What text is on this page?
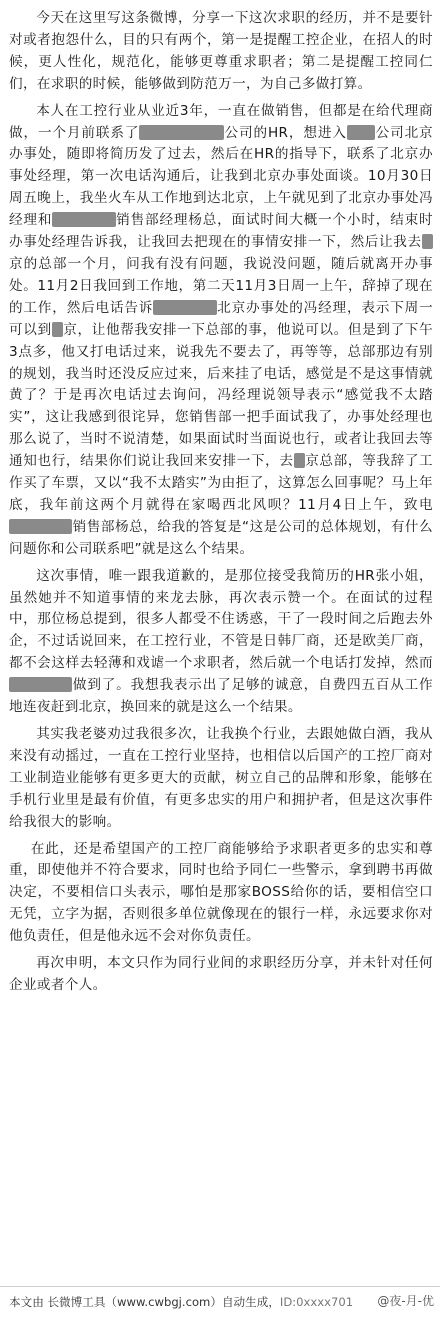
今天在这里写这条微博，分享一下这次求职的经历，并不是要针对或者抱怨什么，目的只有两个，第一是提醒工控企业，在招人的时候，更人性化，规范化，能够更尊重求职者；第二是提醒工控同仁们，在求职的时候，能够做到防范万一，为自己多做打算。

本人在工控行业从业近3年，一直在做销售，但都是在给代理商做，一个月前联系了	公司的HR，想进入 公司北京办事处，随即将简历发了过去，然后在HR的指导下，联系了北京办事处经理，第一次电话沟通后，让我到北京办事处面谈。10月30日周五晚上，我坐火车从工作地到达北京，上午就见到了北京办事处冯经理和	销售部经理杨总，面试时间大概一个小时，结束时办事处经理告诉我，让我回去把现在的事情安排一下，然后让我去京的总部一个月，问我有没有问题，我说没问题，随后就离开办事处。11月2日我回到工作地，第二天11月3日周一上午，辞掉了现在的工作，然后电话告诉	北京办事处的冯经理，表示下周一可以到 京，让他帮我安排一下总部的事，他说可以。但是到了下午3点多，他又打电话过来，说我先不要去了，再等等，总部那边有别的规划，我当时还没反应过来，后来挂了电话，感觉是不是这事情就黄了？于是再次电话过去询问，冯经理说领导表示“感觉我不太踏实”，这让我感到很诧异，您销售部一把手面试我了，办事处经理也那么说了，当时不说清楚，如果面试时当面说也行，或者让我回去等通知也行，结果你们说让我回来安排一下，去 京总部，等我辞了工作买了车票，又以“我不太踏实”为由拒了，这算怎么回事呢？马上年底，我年前这两个月就得在家喝西北风呗？11月4日上午，致电销售部杨总，给我的答复是“这是公司的总体规划，有什么问题你和公司联系吧”就是这么个结果。

这次事情，唯一跟我道歉的，是那位接受我简历的HR张小姐，虽然她并不知道事情的来龙去脉，再次表示赞一个。在面试的过程中，那位杨总提到，很多人都受不住诱惑，干了一段时间之后跑去外企，不过话说回来，在工控行业，不管是日韩厂商，还是欧美厂商，都不会这样去轻薄和戏谑一个求职者，然后就一个电话打发掉，然而做到了。我想我表示出了足够的诚意，自费四五百从工作地连夜赶到北京，换回来的就是这么一个结果。

其实我老婆劝过我很多次，让我换个行业，去跟她做白酒，我从来没有动摇过，一直在工控行业坚持，也相信以后国产的工控厂商对工业制造业能够有更多更大的贡献，树立自己的品牌和形象，能够在手机行业里是最有价值，有更多忠实的用户和拥护者，但是这次事件给我很大的影响。

在此，还是希望国产的工控厂商能够给予求职者更多的忠实和尊重，即使他并不符合要求，同时也给予同仁一些警示，拿到聘书再做决定，不要相信口头表示，哪怕是那家BOSS给你的话，要相信空口无凭，立字为据，否则很多单位就像现在的银行一样，永远要求你对他负责任，但是他永远不会对你负责任。

再次申明，本文只作为同行业间的求职经历分享，并未针对任何企业或者个人。

本文由 长微博工具（www.cwbgj.com）自动生成，ID:0xxxx701	@夜-月-优
